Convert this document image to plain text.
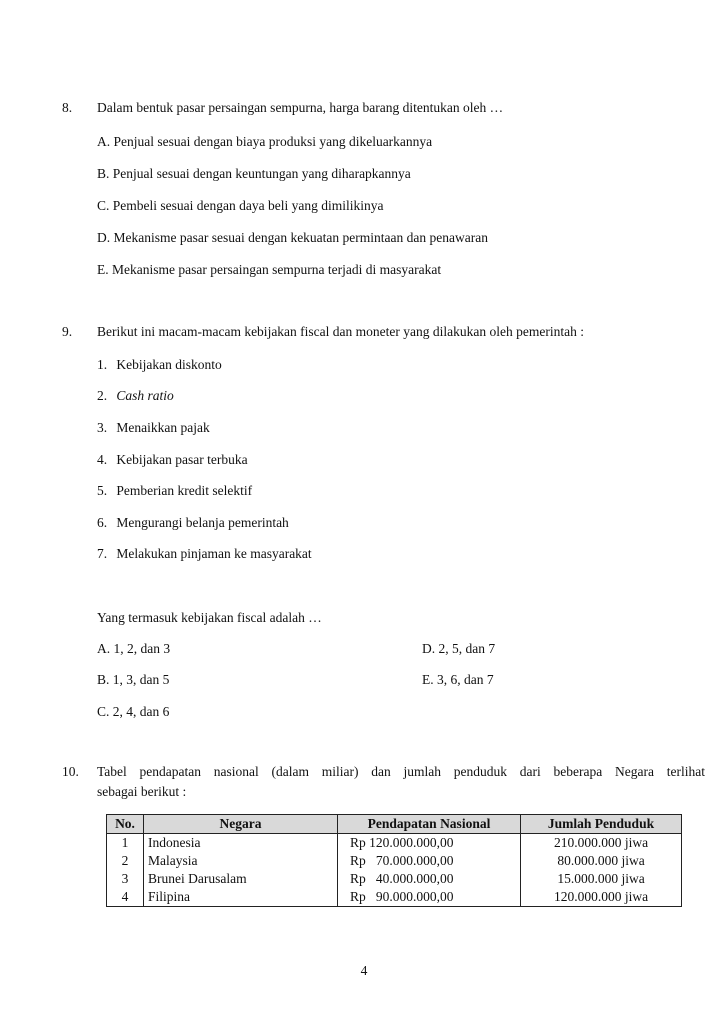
8. Dalam bentuk pasar persaingan sempurna, harga barang ditentukan oleh …
A. Penjual sesuai dengan biaya produksi yang dikeluarkannya
B. Penjual sesuai dengan keuntungan yang diharapkannya
C. Pembeli sesuai dengan daya beli yang dimilikinya
D. Mekanisme pasar sesuai dengan kekuatan permintaan dan penawaran
E. Mekanisme pasar persaingan sempurna terjadi di masyarakat
9. Berikut ini macam-macam kebijakan fiscal dan moneter yang dilakukan oleh pemerintah :
1. Kebijakan diskonto
2. Cash ratio
3. Menaikkan pajak
4. Kebijakan pasar terbuka
5. Pemberian kredit selektif
6. Mengurangi belanja pemerintah
7. Melakukan pinjaman ke masyarakat
Yang termasuk kebijakan fiscal adalah …
A. 1, 2, dan 3	D. 2, 5, dan 7
B. 1, 3, dan 5	E. 3, 6, dan 7
C. 2, 4, dan 6
10. Tabel pendapatan nasional (dalam miliar) dan jumlah penduduk dari beberapa Negara terlihat
sebagai berikut :
No.	Negara	Pendapatan Nasional	Jumlah Penduduk
1	Indonesia	Rp 120.000.000,00	210.000.000 jiwa
2	Malaysia	Rp   70.000.000,00	80.000.000 jiwa
3	Brunei Darusalam	Rp   40.000.000,00	15.000.000 jiwa
4	Filipina	Rp   90.000.000,00	120.000.000 jiwa
4
